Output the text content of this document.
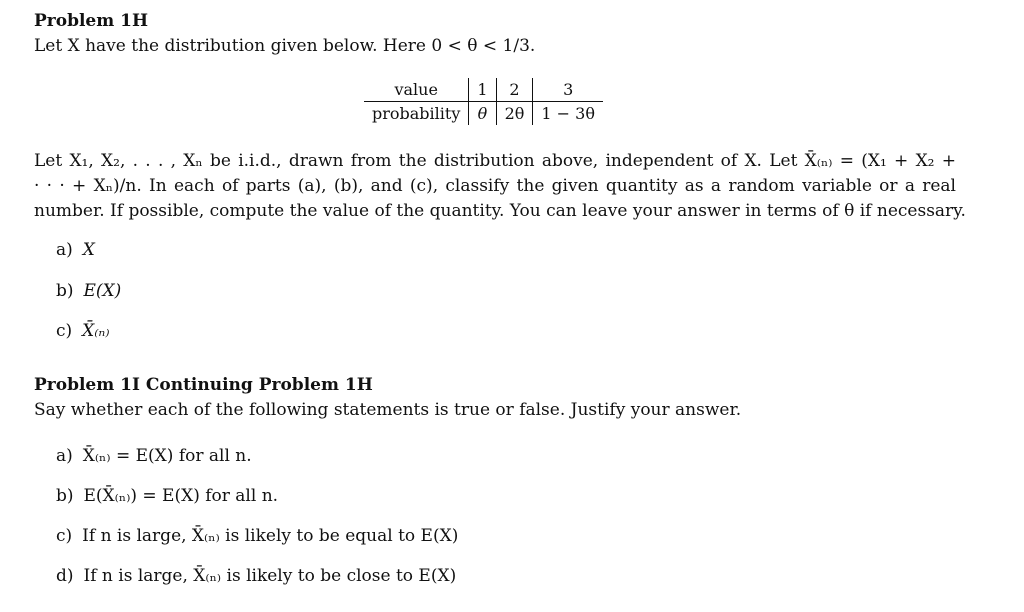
Problem 1H
Let X have the distribution given below. Here 0 < θ < 1/3.
value	1	2	3
probability	θ	2θ	1 − 3θ
Let X₁, X₂, . . . , Xₙ be i.i.d., drawn from the distribution above, independent of X. Let X̄₍ₙ₎ = (X₁ + X₂ +
· · · + Xₙ)/n. In each of parts (a), (b), and (c), classify the given quantity as a random variable or a real
number. If possible, compute the value of the quantity. You can leave your answer in terms of θ if necessary.
a) X
b) E(X)
c) X̄₍ₙ₎
Problem 1I Continuing Problem 1H
Say whether each of the following statements is true or false. Justify your answer.
a) X̄₍ₙ₎ = E(X) for all n.
b) E(X̄₍ₙ₎) = E(X) for all n.
c) If n is large, X̄₍ₙ₎ is likely to be equal to E(X)
d) If n is large, X̄₍ₙ₎ is likely to be close to E(X)
